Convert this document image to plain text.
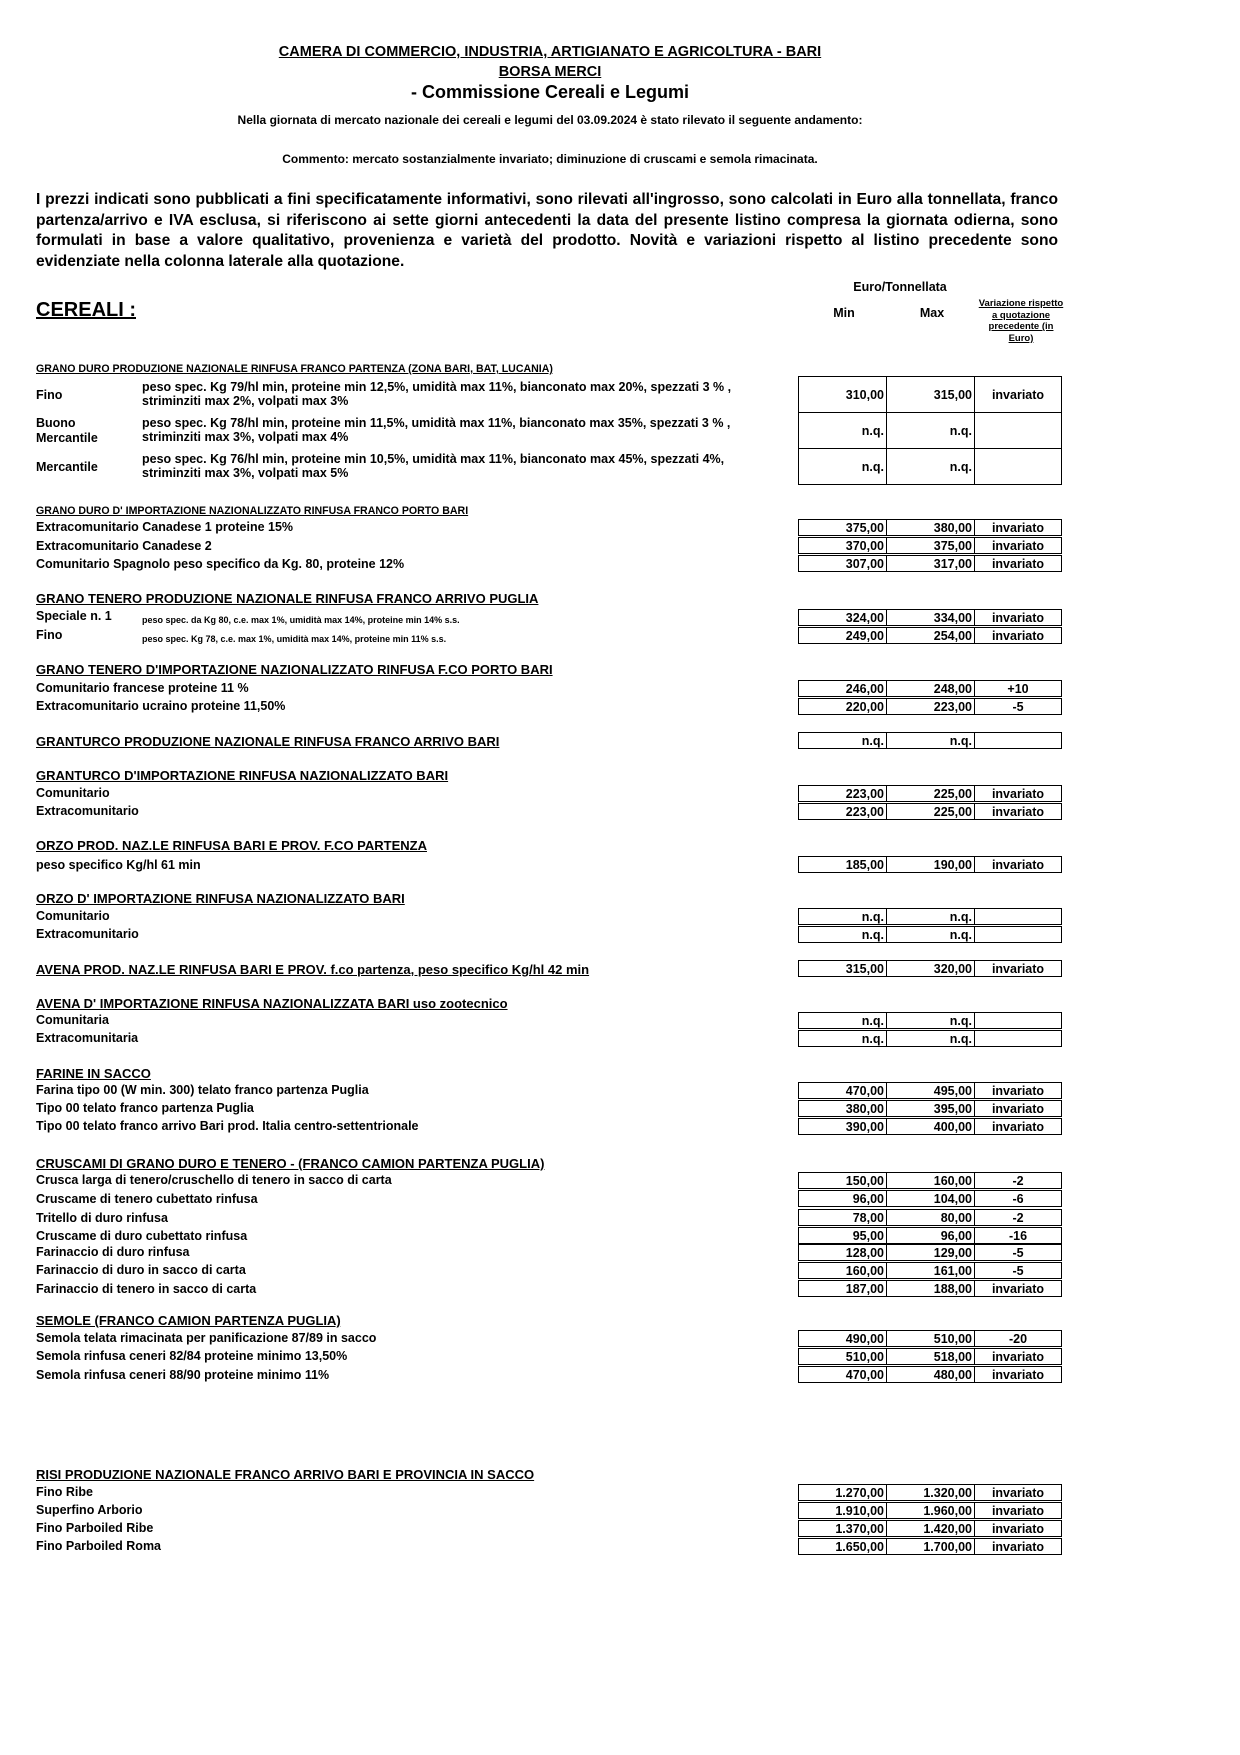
CAMERA DI COMMERCIO, INDUSTRIA, ARTIGIANATO E AGRICOLTURA - BARI
BORSA MERCI
- Commissione Cereali e Legumi
Nella giornata di mercato nazionale dei cereali e legumi del 03.09.2024 è stato rilevato il seguente andamento:
Commento: mercato sostanzialmente invariato; diminuzione di cruscami e semola rimacinata.

I prezzi indicati sono pubblicati a fini specificatamente informativi, sono rilevati all'ingrosso, sono calcolati in Euro alla tonnellata, franco partenza/arrivo e IVA esclusa, si riferiscono ai sette giorni antecedenti la data del presente listino compresa la giornata odierna, sono formulati in base a valore qualitativo, provenienza e varietà del prodotto. Novità e variazioni rispetto al listino precedente sono evidenziate nella colonna laterale alla quotazione.

CEREALI :
Euro/Tonnellata
Min	Max
Variazione rispetto a quotazione precedente (in Euro)
GRANO DURO PRODUZIONE NAZIONALE RINFUSA FRANCO PARTENZA (ZONA BARI, BAT, LUCANIA)
Fino
peso spec. Kg 79/hl min, proteine min 12,5%, umidità max 11%, bianconato max 20%, spezzati 3 % , striminziti max 2%, volpati max 3%	310,00	315,00	invariato
Buono Mercantile
peso spec. Kg 78/hl min, proteine min 11,5%, umidità max 11%, bianconato max 35%, spezzati 3 % , striminziti max 3%, volpati max 4%	n.q.	n.q.
Mercantile
peso spec. Kg 76/hl min, proteine min 10,5%, umidità max 11%, bianconato max 45%, spezzati 4%, striminziti max 3%, volpati max 5%	n.q.	n.q.
GRANO DURO D' IMPORTAZIONE NAZIONALIZZATO RINFUSA FRANCO PORTO BARI
Extracomunitario Canadese 1 proteine 15%	375,00	380,00	invariato
Extracomunitario Canadese 2	370,00	375,00	invariato
Comunitario Spagnolo peso specifico da Kg. 80, proteine 12%	307,00	317,00	invariato
GRANO TENERO PRODUZIONE NAZIONALE RINFUSA FRANCO ARRIVO PUGLIA
Speciale n. 1	peso spec. da Kg 80, c.e. max 1%, umidità max 14%, proteine min 14% s.s.	324,00	334,00	invariato
Fino	peso spec. Kg 78, c.e. max 1%, umidità max 14%, proteine min 11% s.s.	249,00	254,00	invariato
GRANO TENERO D'IMPORTAZIONE NAZIONALIZZATO RINFUSA F.CO PORTO BARI
Comunitario francese proteine 11 %	246,00	248,00	+10
Extracomunitario ucraino proteine 11,50%	220,00	223,00	-5
GRANTURCO PRODUZIONE NAZIONALE RINFUSA FRANCO ARRIVO BARI	n.q.	n.q.
GRANTURCO D'IMPORTAZIONE RINFUSA NAZIONALIZZATO BARI
Comunitario	223,00	225,00	invariato
Extracomunitario	223,00	225,00	invariato
ORZO PROD. NAZ.LE RINFUSA BARI E PROV. F.CO PARTENZA
peso specifico Kg/hl 61 min	185,00	190,00	invariato
ORZO D' IMPORTAZIONE RINFUSA NAZIONALIZZATO BARI
Comunitario	n.q.	n.q.
Extracomunitario	n.q.	n.q.
AVENA PROD. NAZ.LE RINFUSA BARI E PROV. f.co partenza, peso specifico Kg/hl 42 min	315,00	320,00	invariato
AVENA D' IMPORTAZIONE RINFUSA NAZIONALIZZATA BARI uso zootecnico
Comunitaria	n.q.	n.q.
Extracomunitaria	n.q.	n.q.
FARINE IN SACCO
Farina tipo 00 (W min. 300) telato franco partenza Puglia	470,00	495,00	invariato
Tipo 00 telato franco partenza Puglia	380,00	395,00	invariato
Tipo 00 telato franco arrivo Bari prod. Italia centro-settentrionale	390,00	400,00	invariato
CRUSCAMI DI GRANO DURO E TENERO - (FRANCO CAMION PARTENZA PUGLIA)
Crusca larga di tenero/cruschello di tenero in sacco di carta	150,00	160,00	-2
Cruscame di tenero cubettato rinfusa	96,00	104,00	-6
Tritello di duro rinfusa	78,00	80,00	-2
Cruscame di duro cubettato rinfusa	95,00	96,00	-16
Farinaccio di duro rinfusa	128,00	129,00	-5
Farinaccio di duro in sacco di carta	160,00	161,00	-5
Farinaccio di tenero in sacco di carta	187,00	188,00	invariato
SEMOLE (FRANCO CAMION PARTENZA PUGLIA)
Semola telata rimacinata per panificazione 87/89 in sacco	490,00	510,00	-20
Semola rinfusa ceneri 82/84 proteine minimo 13,50%	510,00	518,00	invariato
Semola rinfusa ceneri 88/90 proteine minimo 11%	470,00	480,00	invariato
RISI PRODUZIONE NAZIONALE FRANCO ARRIVO BARI E PROVINCIA IN SACCO
Fino Ribe	1.270,00	1.320,00	invariato
Superfino Arborio	1.910,00	1.960,00	invariato
Fino Parboiled Ribe	1.370,00	1.420,00	invariato
Fino Parboiled Roma	1.650,00	1.700,00	invariato
